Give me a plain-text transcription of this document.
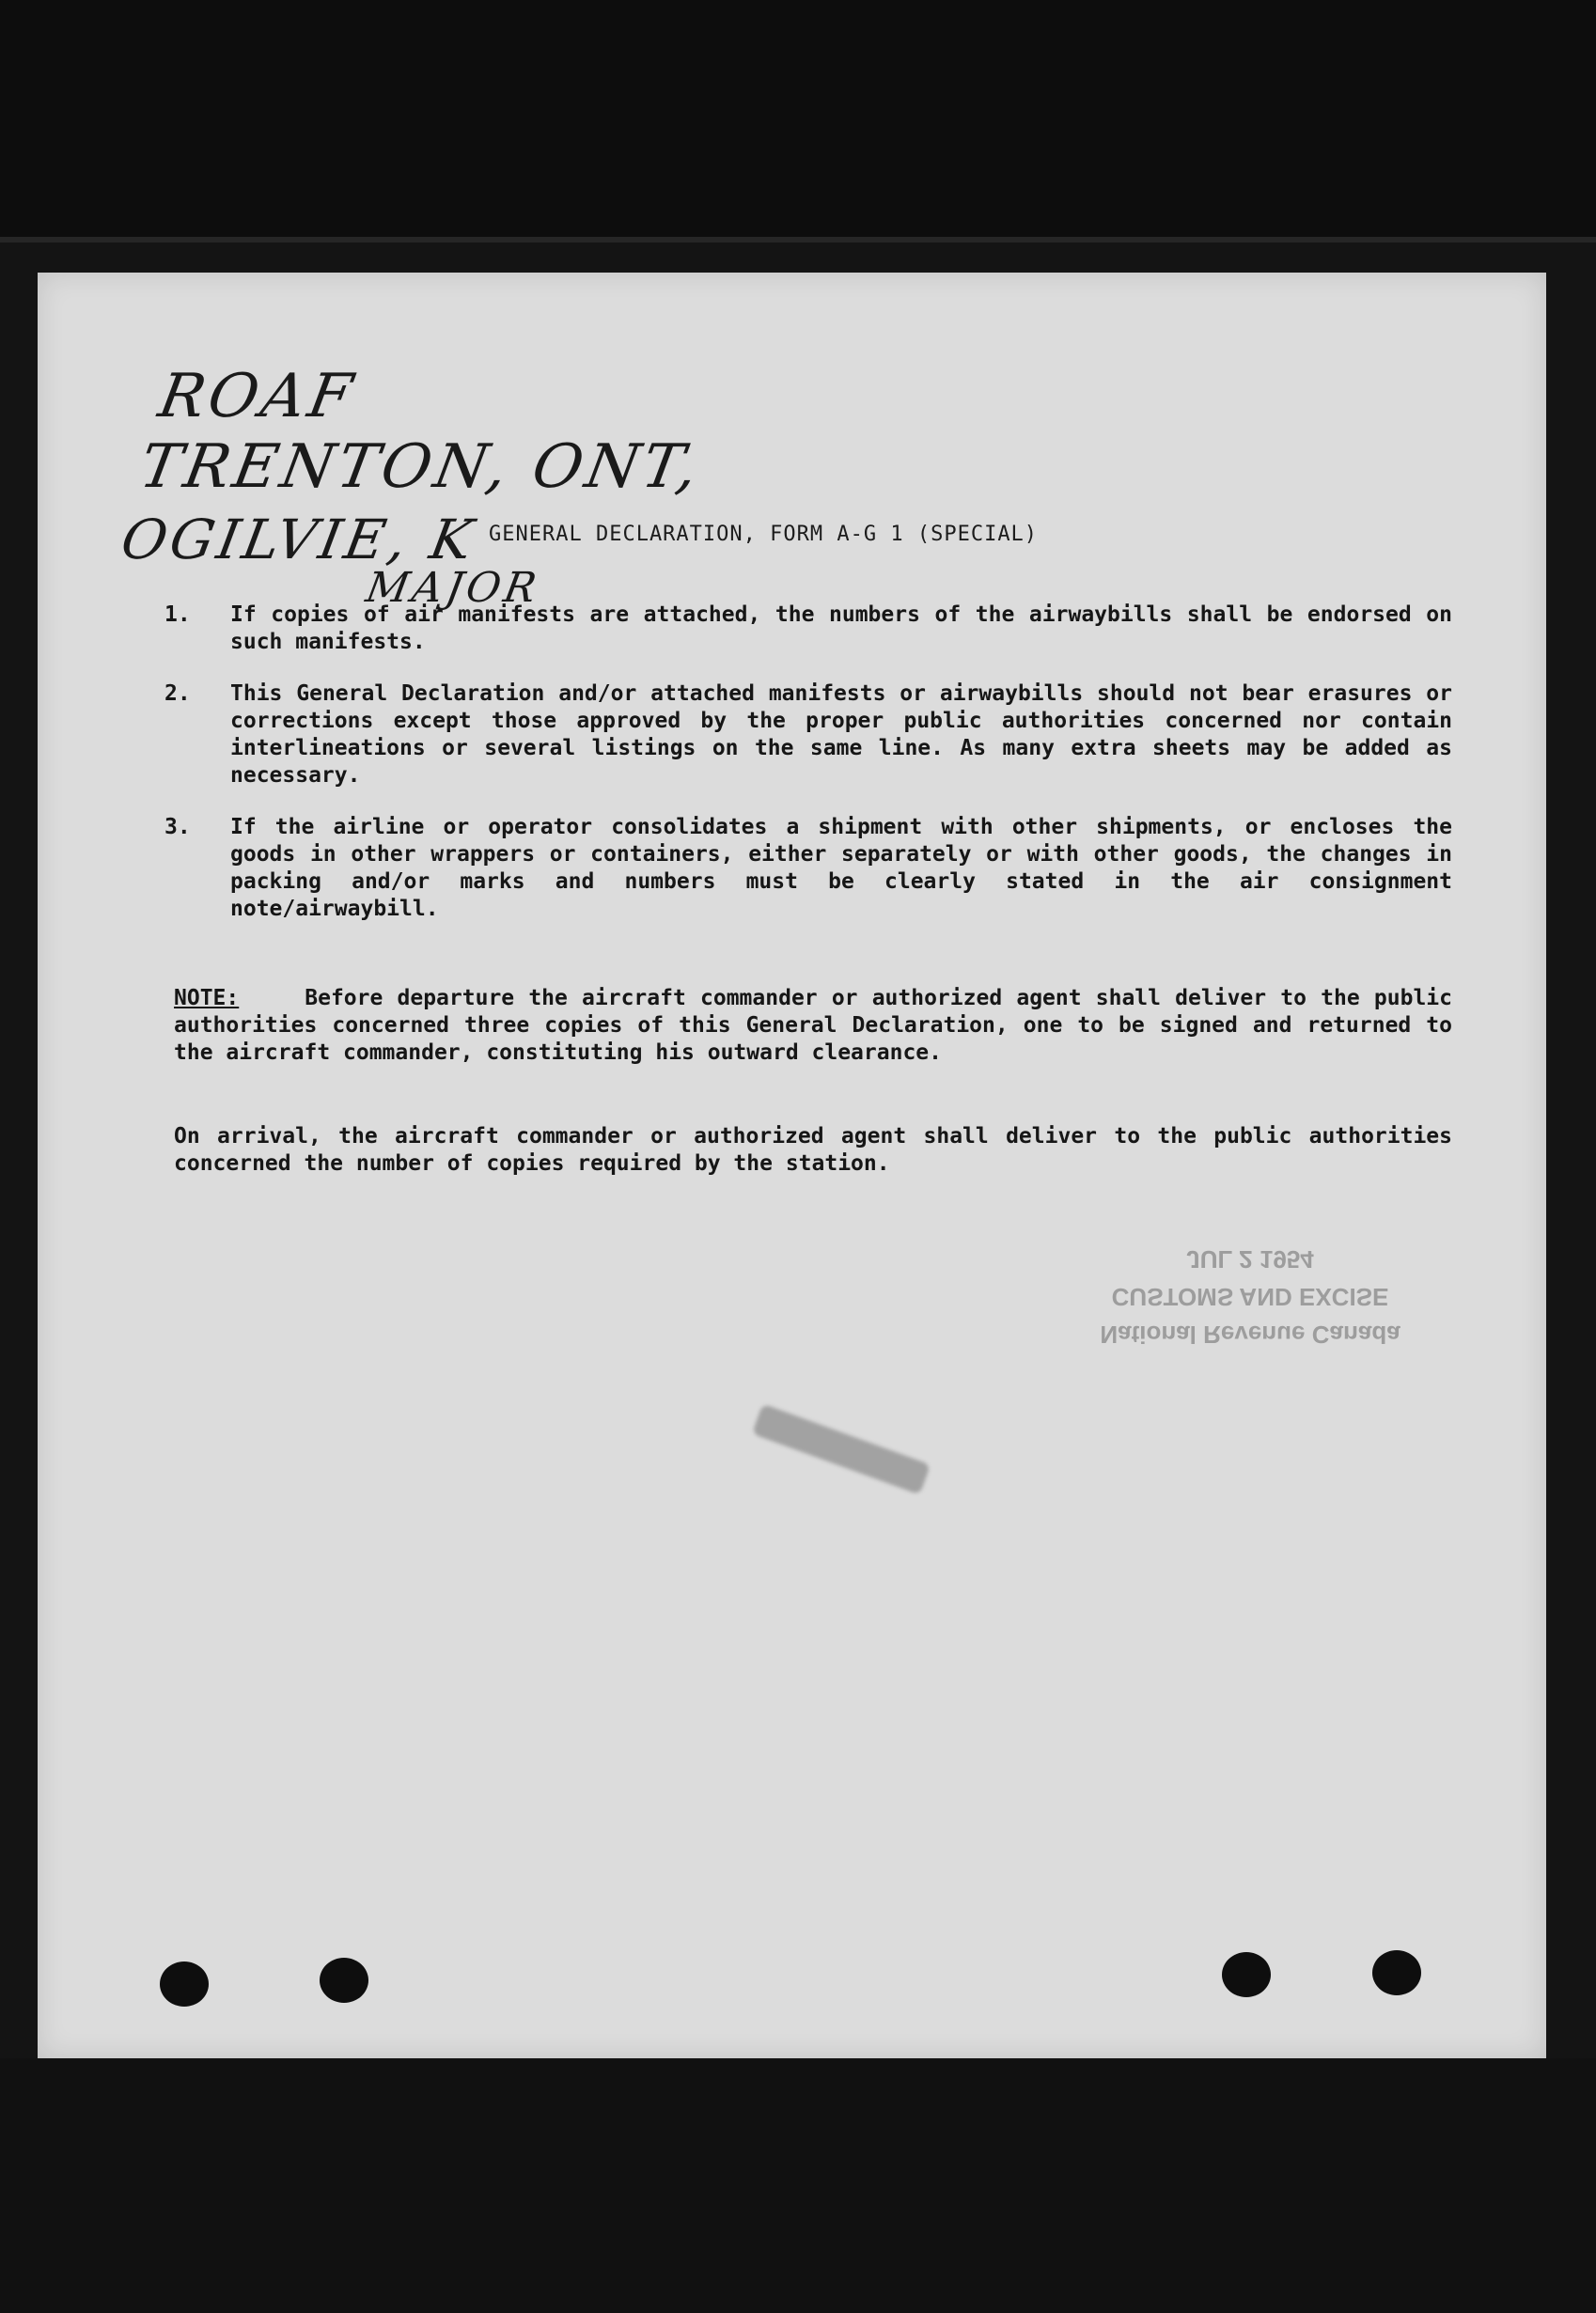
ROAF
TRENTON, ONT,
OGILVIE, K
MAJOR
GENERAL DECLARATION, FORM A-G 1 (SPECIAL)
1.	If copies of air manifests are attached, the numbers of the airwaybills shall be endorsed on such manifests.
2.	This General Declaration and/or attached manifests or airwaybills should not bear erasures or corrections except those approved by the proper public authorities concerned nor contain interlineations or several listings on the same line. As many extra sheets may be added as necessary.
3.	If the airline or operator consolidates a shipment with other shipments, or encloses the goods in other wrappers or containers, either separately or with other goods, the changes in packing and/or marks and numbers must be clearly stated in the air consignment note/airwaybill.
NOTE:	Before departure the aircraft commander or authorized agent shall deliver to the public authorities concerned three copies of this General Declaration, one to be signed and returned to the aircraft commander, constituting his outward clearance.
On arrival, the aircraft commander or authorized agent shall deliver to the public authorities concerned the number of copies required by the station.
National Revenue Canada
CUSTOMS AND EXCISE
JUL 2 1954
